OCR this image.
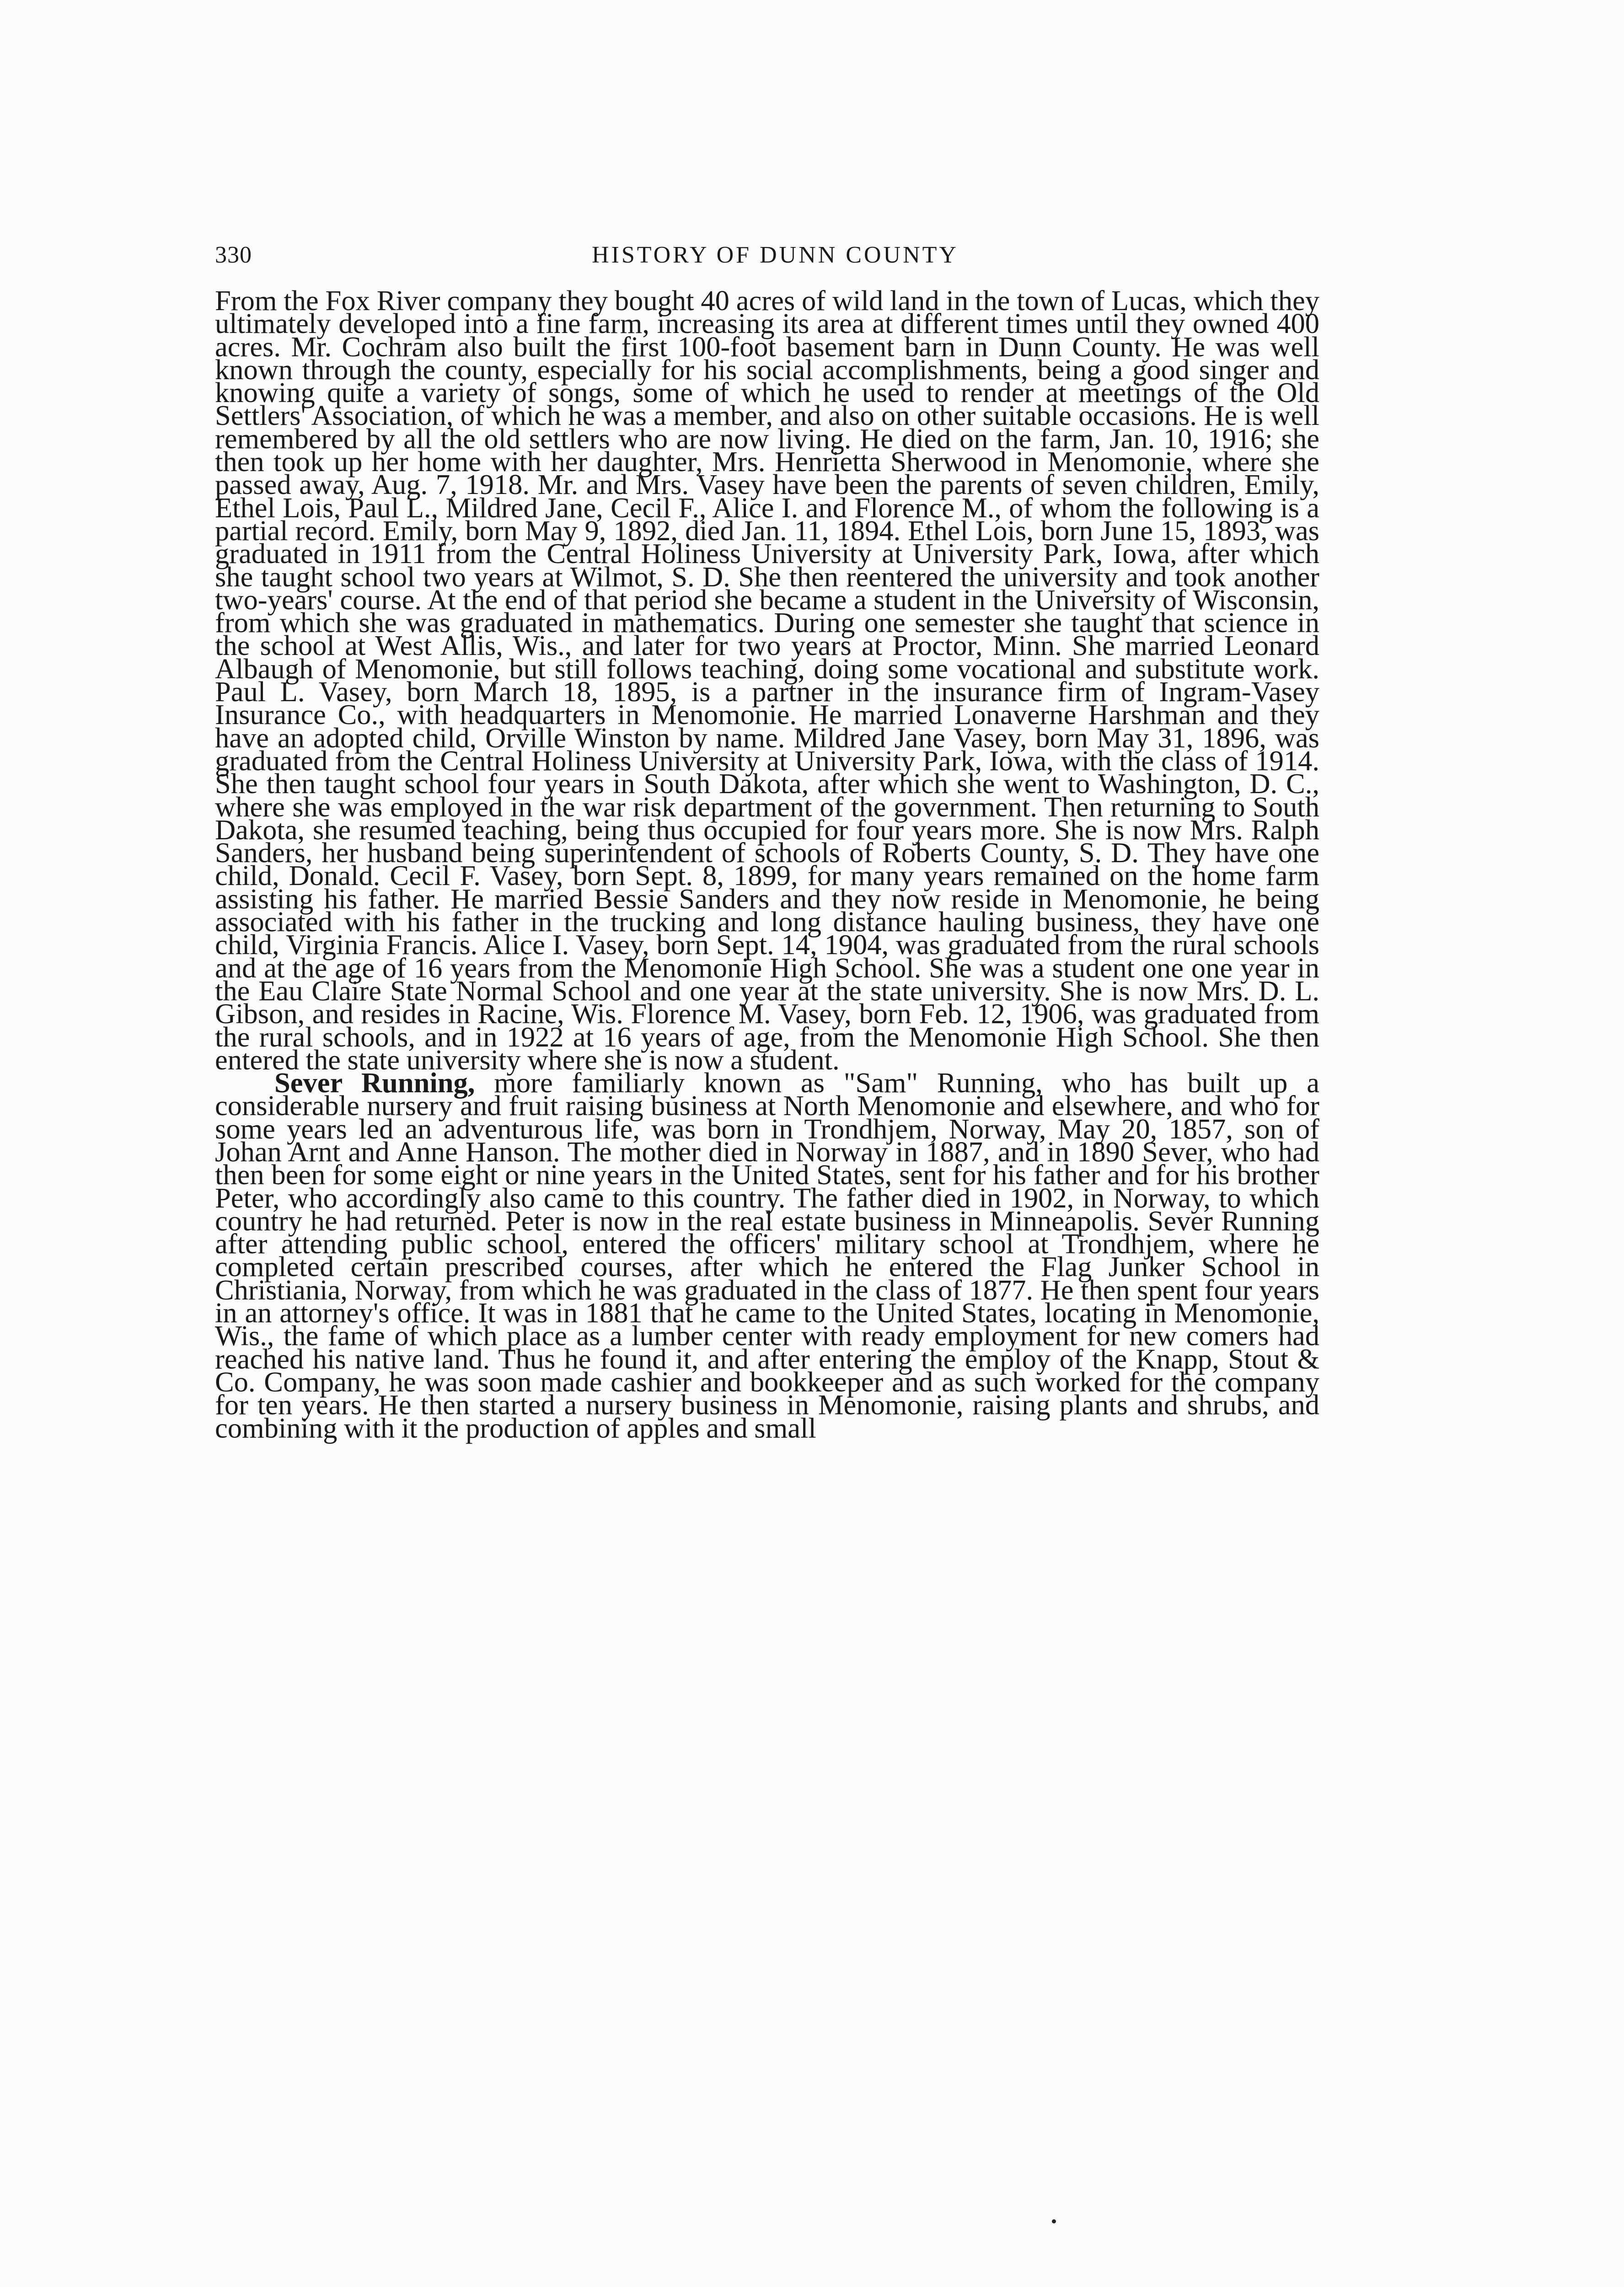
330	HISTORY OF DUNN COUNTY

From the Fox River company they bought 40 acres of wild land in the town of Lucas, which they ultimately developed into a fine farm, increasing its area at different times until they owned 400 acres. Mr. Cochram also built the first 100-foot basement barn in Dunn County. He was well known through the county, especially for his social accomplishments, being a good singer and knowing quite a variety of songs, some of which he used to render at meetings of the Old Settlers' Association, of which he was a member, and also on other suitable occasions. He is well remembered by all the old settlers who are now living. He died on the farm, Jan. 10, 1916; she then took up her home with her daughter, Mrs. Henrietta Sherwood in Menomonie, where she passed away, Aug. 7, 1918. Mr. and Mrs. Vasey have been the parents of seven children, Emily, Ethel Lois, Paul L., Mildred Jane, Cecil F., Alice I. and Florence M., of whom the following is a partial record. Emily, born May 9, 1892, died Jan. 11, 1894. Ethel Lois, born June 15, 1893, was graduated in 1911 from the Central Holiness University at University Park, Iowa, after which she taught school two years at Wilmot, S. D. She then reentered the university and took another two-years' course. At the end of that period she became a student in the University of Wisconsin, from which she was graduated in mathematics. During one semester she taught that science in the school at West Allis, Wis., and later for two years at Proctor, Minn. She married Leonard Albaugh of Menomonie, but still follows teaching, doing some vocational and substitute work. Paul L. Vasey, born March 18, 1895, is a partner in the insurance firm of Ingram-Vasey Insurance Co., with headquarters in Menomonie. He married Lonaverne Harshman and they have an adopted child, Orville Winston by name. Mildred Jane Vasey, born May 31, 1896, was graduated from the Central Holiness University at University Park, Iowa, with the class of 1914. She then taught school four years in South Dakota, after which she went to Washington, D. C., where she was employed in the war risk department of the government. Then returning to South Dakota, she resumed teaching, being thus occupied for four years more. She is now Mrs. Ralph Sanders, her husband being superintendent of schools of Roberts County, S. D. They have one child, Donald. Cecil F. Vasey, born Sept. 8, 1899, for many years remained on the home farm assisting his father. He married Bessie Sanders and they now reside in Menomonie, he being associated with his father in the trucking and long distance hauling business, they have one child, Virginia Francis. Alice I. Vasey, born Sept. 14, 1904, was graduated from the rural schools and at the age of 16 years from the Menomonie High School. She was a student one one year in the Eau Claire State Normal School and one year at the state university. She is now Mrs. D. L. Gibson, and resides in Racine, Wis. Florence M. Vasey, born Feb. 12, 1906, was graduated from the rural schools, and in 1922 at 16 years of age, from the Menomonie High School. She then entered the state university where she is now a student.

Sever Running, more familiarly known as "Sam" Running, who has built up a considerable nursery and fruit raising business at North Menomonie and elsewhere, and who for some years led an adventurous life, was born in Trondhjem, Norway, May 20, 1857, son of Johan Arnt and Anne Hanson. The mother died in Norway in 1887, and in 1890 Sever, who had then been for some eight or nine years in the United States, sent for his father and for his brother Peter, who accordingly also came to this country. The father died in 1902, in Norway, to which country he had returned. Peter is now in the real estate business in Minneapolis. Sever Running after attending public school, entered the officers' military school at Trondhjem, where he completed certain prescribed courses, after which he entered the Flag Junker School in Christiania, Norway, from which he was graduated in the class of 1877. He then spent four years in an attorney's office. It was in 1881 that he came to the United States, locating in Menomonie, Wis., the fame of which place as a lumber center with ready employment for new comers had reached his native land. Thus he found it, and after entering the employ of the Knapp, Stout & Co. Company, he was soon made cashier and bookkeeper and as such worked for the company for ten years. He then started a nursery business in Menomonie, raising plants and shrubs, and combining with it the production of apples and small
